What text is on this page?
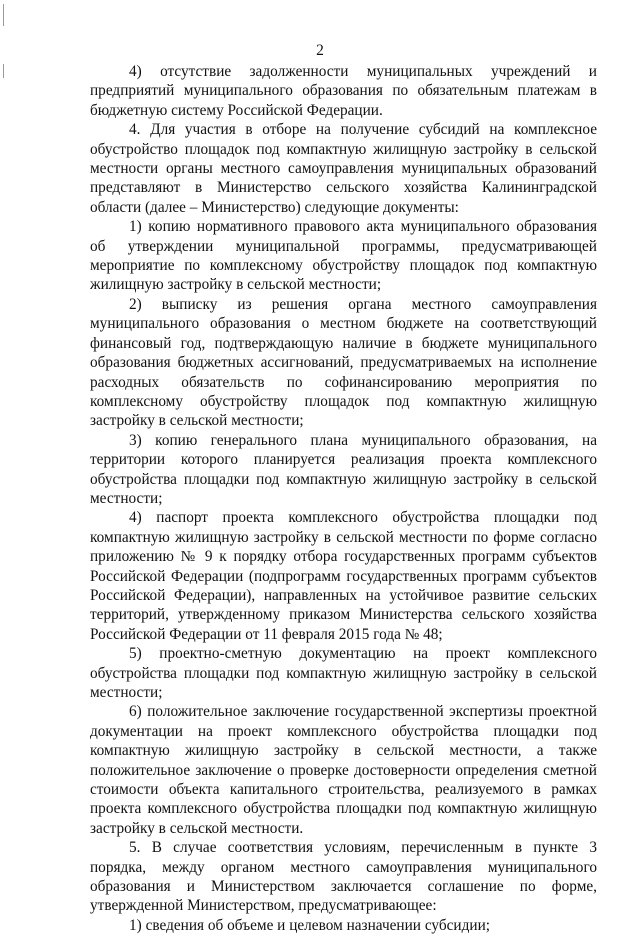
2

4) отсутствие задолженности муниципальных учреждений и предприятий муниципального образования по обязательным платежам в бюджетную систему Российской Федерации.

4. Для участия в отборе на получение субсидий на комплексное обустройство площадок под компактную жилищную застройку в сельской местности органы местного самоуправления муниципальных образований представляют в Министерство сельского хозяйства Калининградской области (далее – Министерство) следующие документы:

1) копию нормативного правового акта муниципального образования об утверждении муниципальной программы, предусматривающей мероприятие по комплексному обустройству площадок под компактную жилищную застройку в сельской местности;

2) выписку из решения органа местного самоуправления муниципального образования о местном бюджете на соответствующий финансовый год, подтверждающую наличие в бюджете муниципального образования бюджетных ассигнований, предусматриваемых на исполнение расходных обязательств по софинансированию мероприятия по комплексному обустройству площадок под компактную жилищную застройку в сельской местности;

3) копию генерального плана муниципального образования, на территории которого планируется реализация проекта комплексного обустройства площадки под компактную жилищную застройку в сельской местности;

4) паспорт проекта комплексного обустройства площадки под компактную жилищную застройку в сельской местности по форме согласно приложению № 9 к порядку отбора государственных программ субъектов Российской Федерации (подпрограмм государственных программ субъектов Российской Федерации), направленных на устойчивое развитие сельских территорий, утвержденному приказом Министерства сельского хозяйства Российской Федерации от 11 февраля 2015 года № 48;

5) проектно-сметную документацию на проект комплексного обустройства площадки под компактную жилищную застройку в сельской местности;

6) положительное заключение государственной экспертизы проектной документации на проект комплексного обустройства площадки под компактную жилищную застройку в сельской местности, а также положительное заключение о проверке достоверности определения сметной стоимости объекта капитального строительства, реализуемого в рамках проекта комплексного обустройства площадки под компактную жилищную застройку в сельской местности.

5. В случае соответствия условиям, перечисленным в пункте 3 порядка, между органом местного самоуправления муниципального образования и Министерством заключается соглашение по форме, утвержденной Министерством, предусматривающее:

1) сведения об объеме и целевом назначении субсидии;
